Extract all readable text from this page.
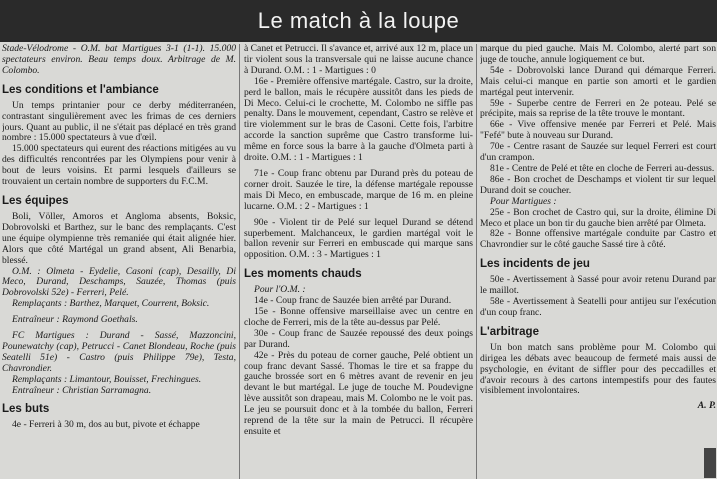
Le match à la loupe

Stade-Vélodrome - O.M. bat Martigues 3-1 (1-1). 15.000 spectateurs environ. Beau temps doux. Arbitrage de M. Colombo.

Les conditions et l'ambiance

Un temps printanier pour ce derby méditerranéen, contrastant singulièrement avec les frimas de ces derniers jours. Quant au public, il ne s'était pas déplacé en très grand nombre : 15.000 spectateurs à vue d'œil.

15.000 spectateurs qui eurent des réactions mitigées au vu des difficultés rencontrées par les Olympiens pour venir à bout de leurs voisins. Et parmi lesquels d'ailleurs se trouvaient un certain nombre de supporters du F.C.M.

Les équipes

Boli, Völler, Amoros et Angloma absents, Boksic, Dobrovolski et Barthez, sur le banc des remplaçants. C'est une équipe olympienne très remaniée qui était alignée hier. Alors que côté Martégal un grand absent, Ali Benarbia, blessé.

O.M. : Olmeta - Eydelie, Casoni (cap), Desailly, Di Meco, Durand, Deschamps, Sauzée, Thomas (puis Dobrovolski 52e) - Ferreri, Pelé.

Remplaçants : Barthez, Marquet, Courrent, Boksic.

Entraîneur : Raymond Goethals.

FC Martigues : Durand - Sassé, Mazzoncini, Pounewatchy (cap), Petrucci - Canet Blondeau, Roche (puis Seatelli 51e) - Castro (puis Philippe 79e), Testa, Chavrondier.

Remplaçants : Limantour, Bouisset, Frechingues.

Entraîneur : Christian Sarramagna.

Les buts

4e - Ferreri à 30 m, dos au but, pivote et échappe

à Canet et Petrucci. Il s'avance et, arrivé aux 12 m, place un tir violent sous la transversale qui ne laisse aucune chance à Durand. O.M. : 1 - Martigues : 0

16e - Première offensive martégale. Castro, sur la droite, perd le ballon, mais le récupère aussitôt dans les pieds de Di Meco. Celui-ci le crochette, M. Colombo ne siffle pas penalty. Dans le mouvement, cependant, Castro se relève et tire violemment sur le bras de Casoni. Cette fois, l'arbitre accorde la sanction suprême que Castro transforme lui-même en force sous la barre à la gauche d'Olmeta parti à droite. O.M. : 1 - Martigues : 1

71e - Coup franc obtenu par Durand près du poteau de corner droit. Sauzée le tire, la défense martégale repousse mais Di Meco, en embuscade, marque de 16 m. en pleine lucarne. O.M. : 2 - Martigues : 1

90e - Violent tir de Pelé sur lequel Durand se détend superbement. Malchanceux, le gardien martégal voit le ballon revenir sur Ferreri en embuscade qui marque sans opposition. O.M. : 3 - Martigues : 1

Les moments chauds

Pour l'O.M. :

14e - Coup franc de Sauzée bien arrêté par Durand.

15e - Bonne offensive marseillaise avec un centre en cloche de Ferreri, mis de la tête au-dessus par Pelé.

30e - Coup franc de Sauzée repoussé des deux poings par Durand.

42e - Près du poteau de corner gauche, Pelé obtient un coup franc devant Sassé. Thomas le tire et sa frappe du gauche brossée sort en 6 mètres avant de revenir en jeu devant le but martégal. Le juge de touche M. Poudevigne lève aussitôt son drapeau, mais M. Colombo ne le voit pas. Le jeu se poursuit donc et à la tombée du ballon, Ferreri reprend de la tête sur la main de Petrucci. Il récupère ensuite et

marque du pied gauche. Mais M. Colombo, alerté part son juge de touche, annule logiquement ce but.

54e - Dobrovolski lance Durand qui démarque Ferreri. Mais celui-ci manque en partie son amorti et le gardien martégal peut intervenir.

59e - Superbe centre de Ferreri en 2e poteau. Pelé se précipite, mais sa reprise de la tête trouve le montant.

66e - Vive offensive menée par Ferreri et Pelé. Mais "Fefé" bute à nouveau sur Durand.

70e - Centre rasant de Sauzée sur lequel Ferreri est court d'un crampon.

81e - Centre de Pelé et tête en cloche de Ferreri au-dessus.

86e - Bon crochet de Deschamps et violent tir sur lequel Durand doit se coucher.

Pour Martigues :

25e - Bon crochet de Castro qui, sur la droite, élimine Di Meco et place un bon tir du gauche bien arrêté par Olmeta.

82e - Bonne offensive martégale conduite par Castro et Chavrondier sur le côté gauche Sassé tire à côté.

Les incidents de jeu

50e - Avertissement à Sassé pour avoir retenu Durand par le maillot.

58e - Avertissement à Seatelli pour antijeu sur l'exécution d'un coup franc.

L'arbitrage

Un bon match sans problème pour M. Colombo qui dirigea les débats avec beaucoup de fermeté mais aussi de psychologie, en évitant de siffler pour des peccadilles et d'avoir recours à des cartons intempestifs pour des fautes visiblement involontaires.

A. P.
